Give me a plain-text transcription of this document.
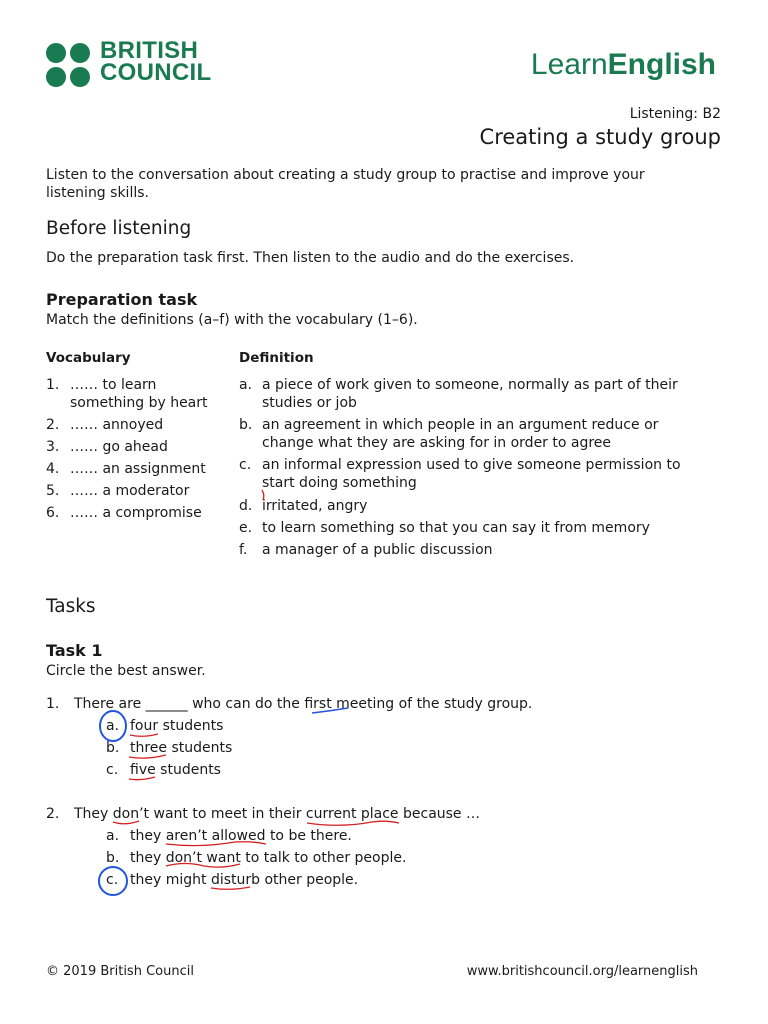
BRITISH
COUNCIL	LearnEnglish
Listening: B2
Creating a study group
Listen to the conversation about creating a study group to practise and improve your listening skills.
Before listening
Do the preparation task first. Then listen to the audio and do the exercises.
Preparation task
Match the definitions (a–f) with the vocabulary (1–6).
Vocabulary	Definition
1. …… to learn
something by heart
2. …… annoyed
3. …… go ahead
4. …… an assignment
5. …… a moderator
6. …… a compromise
a. a piece of work given to someone, normally as part of their
studies or job
b. an agreement in which people in an argument reduce or
change what they are asking for in order to agree
c. an informal expression used to give someone permission to
start doing something
d. irritated, angry
e. to learn something so that you can say it from memory
f. a manager of a public discussion
Tasks
Task 1
Circle the best answer.
1. There are ______ who can do the first meeting of the study group.
a. four students
b. three students
c. five students
2. They don’t want to meet in their current place because …
a. they aren’t allowed to be there.
b. they don’t want to talk to other people.
c. they might disturb other people.
© 2019 British Council	www.britishcouncil.org/learnenglish
